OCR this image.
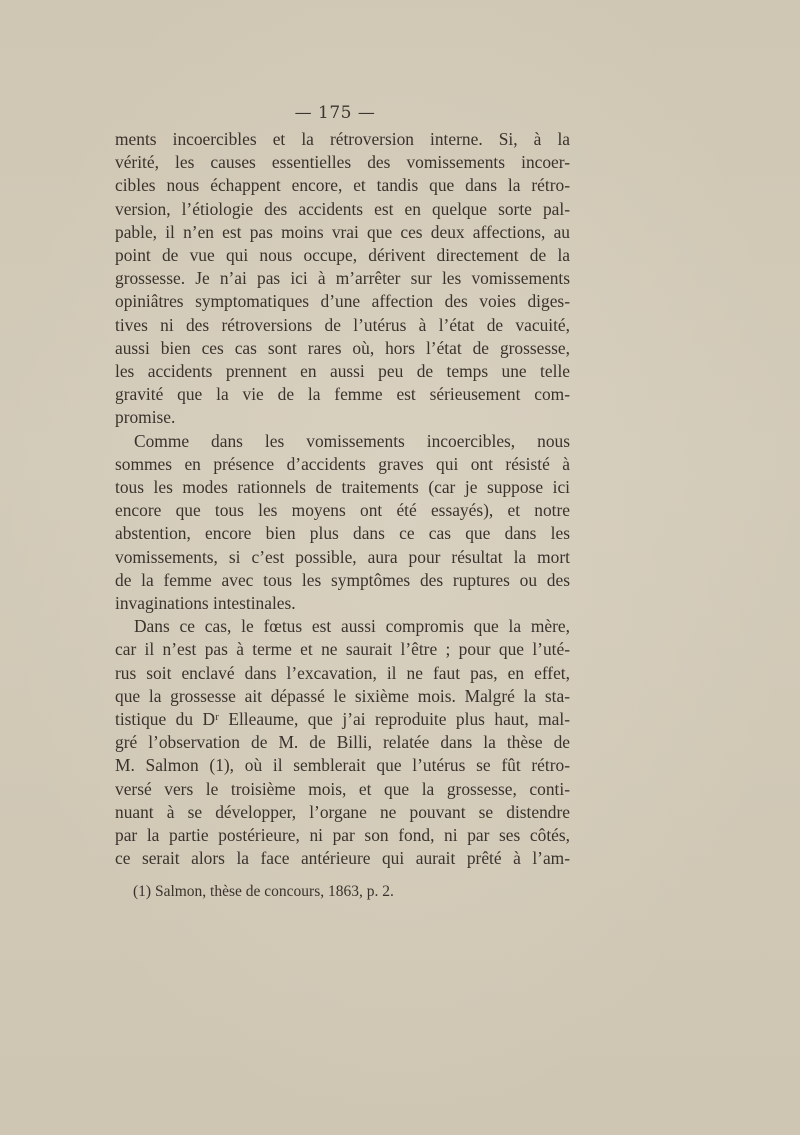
— 175 —
ments incoercibles et la rétroversion interne. Si, à la
vérité, les causes essentielles des vomissements incoer-
cibles nous échappent encore, et tandis que dans la rétro-
version, l’étiologie des accidents est en quelque sorte pal-
pable, il n’en est pas moins vrai que ces deux affections, au
point de vue qui nous occupe, dérivent directement de la
grossesse. Je n’ai pas ici à m’arrêter sur les vomissements
opiniâtres symptomatiques d’une affection des voies diges-
tives ni des rétroversions de l’utérus à l’état de vacuité,
aussi bien ces cas sont rares où, hors l’état de grossesse,
les accidents prennent en aussi peu de temps une telle
gravité que la vie de la femme est sérieusement com-
promise.
Comme dans les vomissements incoercibles, nous
sommes en présence d’accidents graves qui ont résisté à
tous les modes rationnels de traitements (car je suppose ici
encore que tous les moyens ont été essayés), et notre
abstention, encore bien plus dans ce cas que dans les
vomissements, si c’est possible, aura pour résultat la mort
de la femme avec tous les symptômes des ruptures ou des
invaginations intestinales.
Dans ce cas, le fœtus est aussi compromis que la mère,
car il n’est pas à terme et ne saurait l’être ; pour que l’uté-
rus soit enclavé dans l’excavation, il ne faut pas, en effet,
que la grossesse ait dépassé le sixième mois. Malgré la sta-
tistique du Dʳ Elleaume, que j’ai reproduite plus haut, mal-
gré l’observation de M. de Billi, relatée dans la thèse de
M. Salmon (1), où il semblerait que l’utérus se fût rétro-
versé vers le troisième mois, et que la grossesse, conti-
nuant à se développer, l’organe ne pouvant se distendre
par la partie postérieure, ni par son fond, ni par ses côtés,
ce serait alors la face antérieure qui aurait prêté à l’am-
(1) Salmon, thèse de concours, 1863, p. 2.
